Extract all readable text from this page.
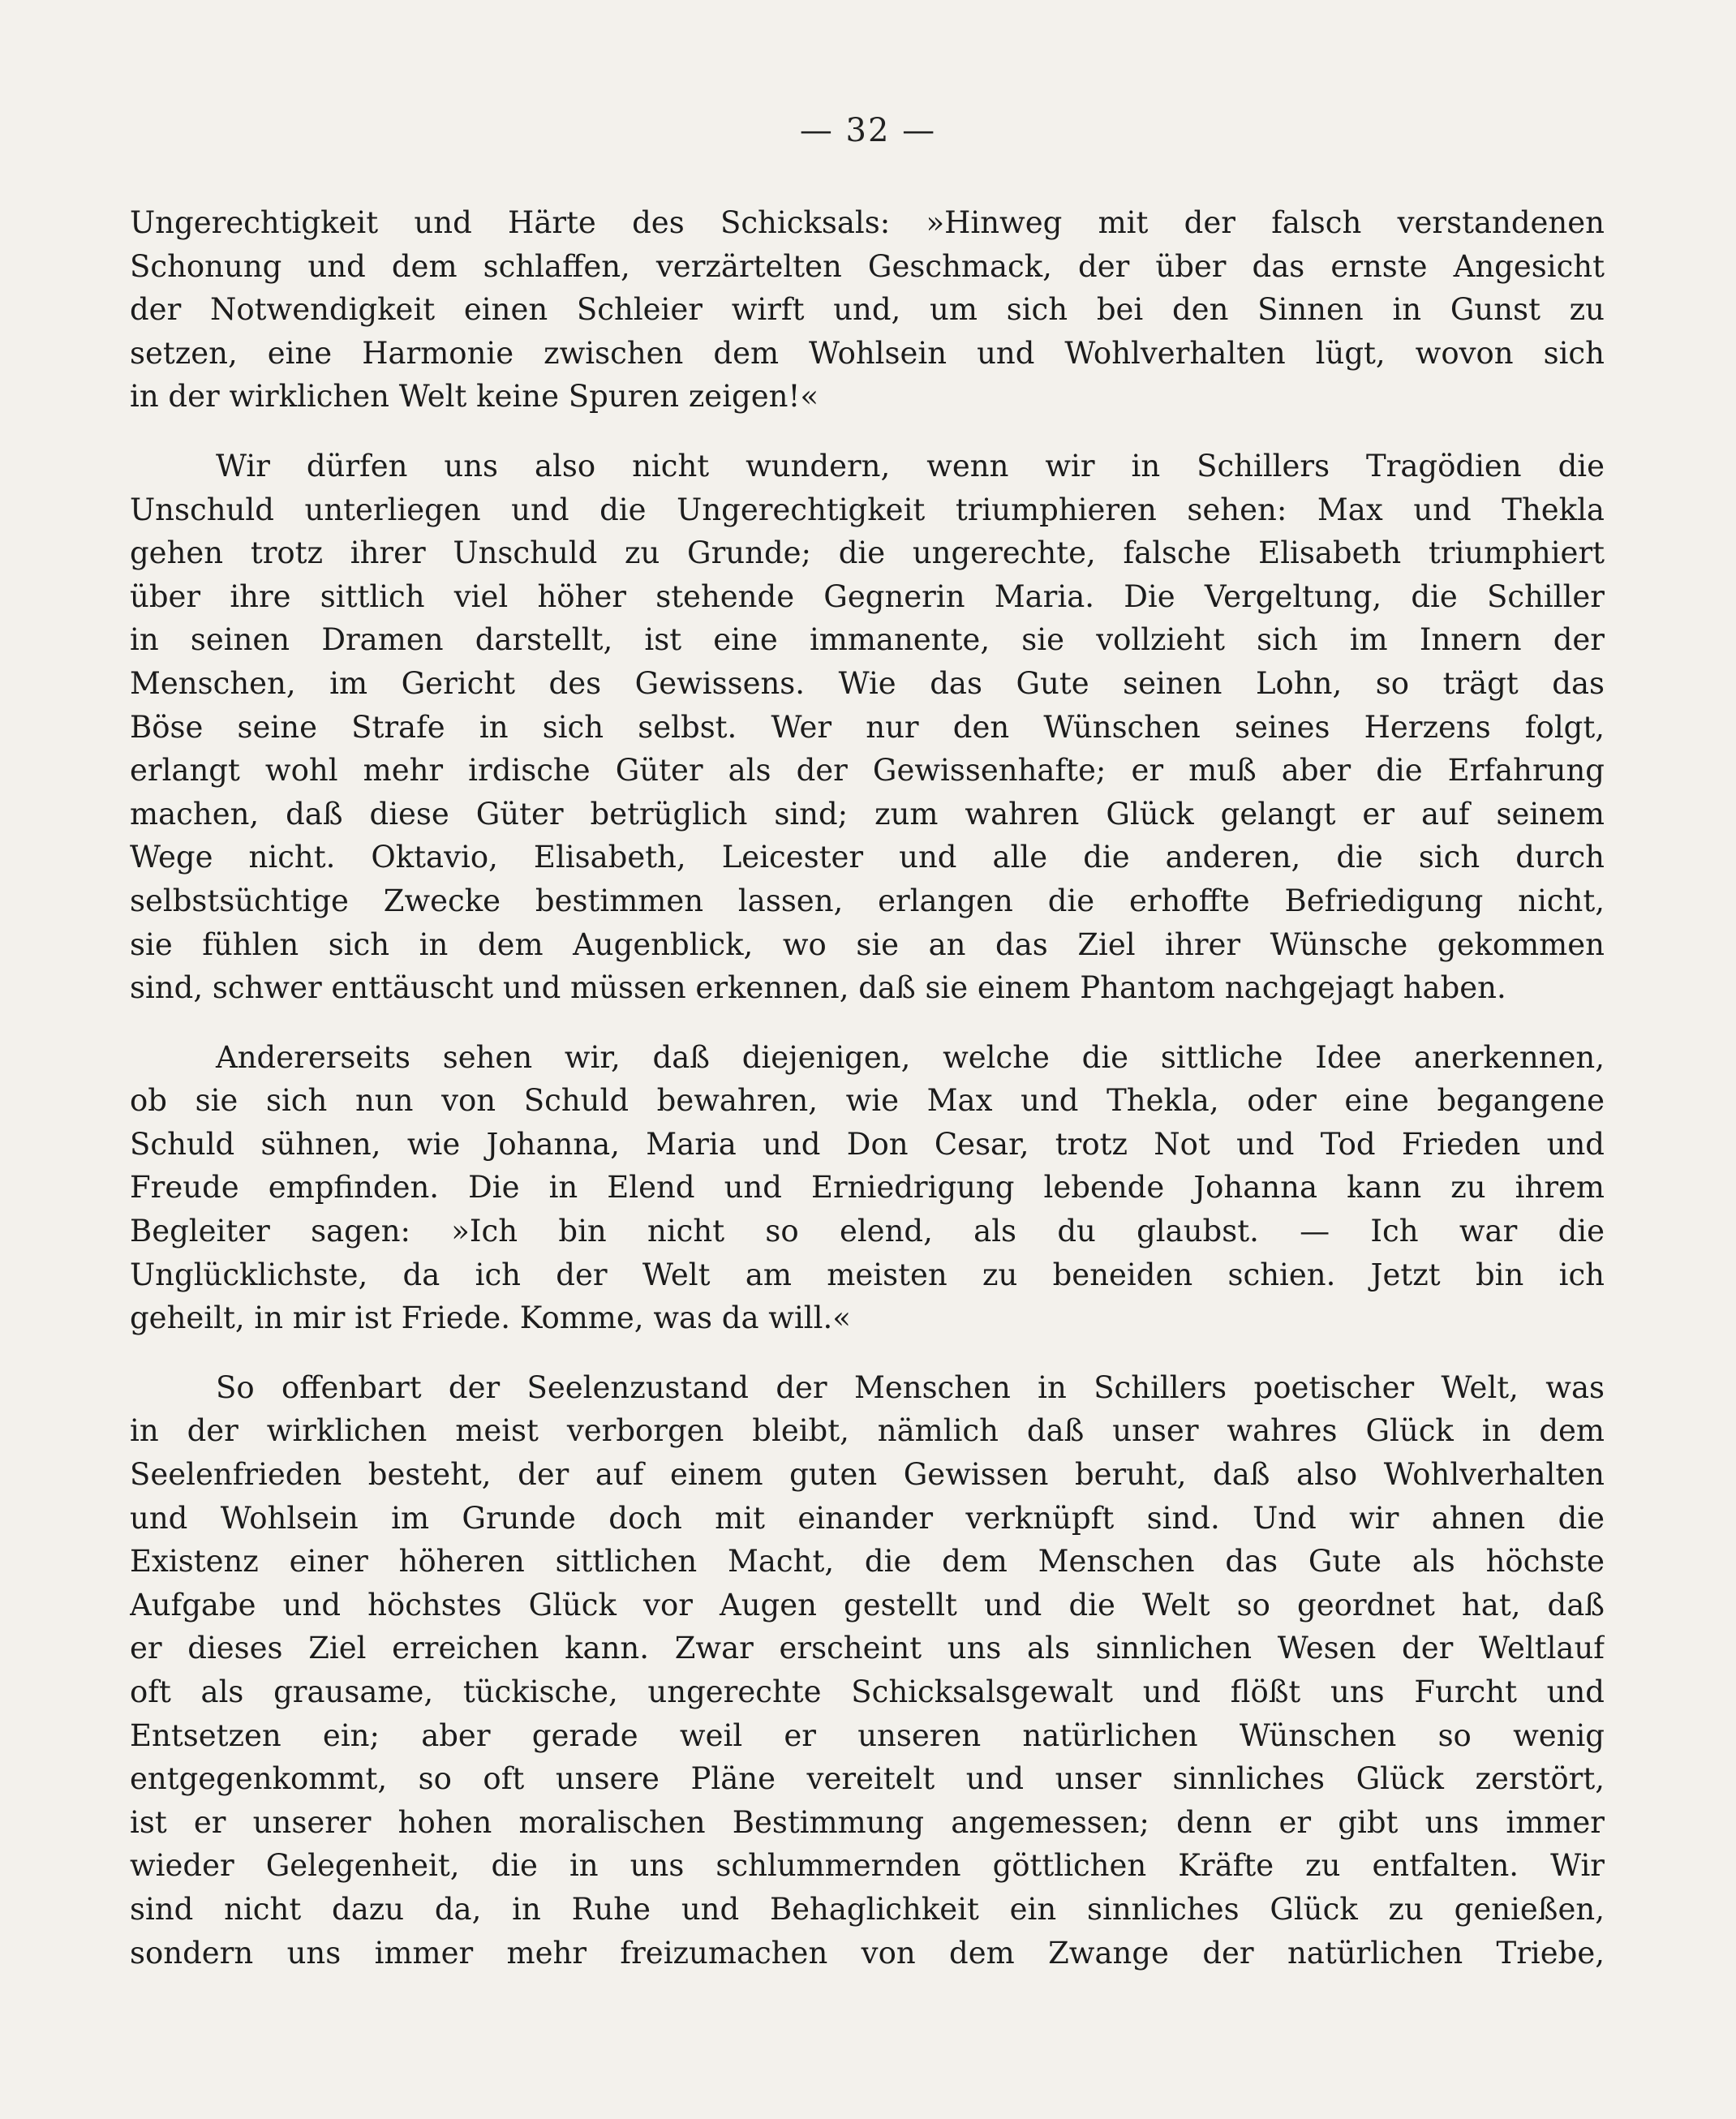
— 32 —
Ungerechtigkeit und Härte des Schicksals: »Hinweg mit der falsch verstandenen
Schonung und dem schlaffen, verzärtelten Geschmack, der über das ernste Angesicht
der Notwendigkeit einen Schleier wirft und, um sich bei den Sinnen in Gunst zu
setzen, eine Harmonie zwischen dem Wohlsein und Wohlverhalten lügt, wovon sich
in der wirklichen Welt keine Spuren zeigen!«
Wir dürfen uns also nicht wundern, wenn wir in Schillers Tragödien die
Unschuld unterliegen und die Ungerechtigkeit triumphieren sehen: Max und Thekla
gehen trotz ihrer Unschuld zu Grunde; die ungerechte, falsche Elisabeth triumphiert
über ihre sittlich viel höher stehende Gegnerin Maria. Die Vergeltung, die Schiller
in seinen Dramen darstellt, ist eine immanente, sie vollzieht sich im Innern der
Menschen, im Gericht des Gewissens. Wie das Gute seinen Lohn, so trägt das
Böse seine Strafe in sich selbst. Wer nur den Wünschen seines Herzens folgt,
erlangt wohl mehr irdische Güter als der Gewissenhafte; er muß aber die Erfahrung
machen, daß diese Güter betrüglich sind; zum wahren Glück gelangt er auf seinem
Wege nicht. Oktavio, Elisabeth, Leicester und alle die anderen, die sich durch
selbstsüchtige Zwecke bestimmen lassen, erlangen die erhoffte Befriedigung nicht,
sie fühlen sich in dem Augenblick, wo sie an das Ziel ihrer Wünsche gekommen
sind, schwer enttäuscht und müssen erkennen, daß sie einem Phantom nachgejagt haben.
Andererseits sehen wir, daß diejenigen, welche die sittliche Idee anerkennen,
ob sie sich nun von Schuld bewahren, wie Max und Thekla, oder eine begangene
Schuld sühnen, wie Johanna, Maria und Don Cesar, trotz Not und Tod Frieden und
Freude empfinden. Die in Elend und Erniedrigung lebende Johanna kann zu ihrem
Begleiter sagen: »Ich bin nicht so elend, als du glaubst. — Ich war die
Unglücklichste, da ich der Welt am meisten zu beneiden schien. Jetzt bin ich
geheilt, in mir ist Friede. Komme, was da will.«
So offenbart der Seelenzustand der Menschen in Schillers poetischer Welt, was
in der wirklichen meist verborgen bleibt, nämlich daß unser wahres Glück in dem
Seelenfrieden besteht, der auf einem guten Gewissen beruht, daß also Wohlverhalten
und Wohlsein im Grunde doch mit einander verknüpft sind. Und wir ahnen die
Existenz einer höheren sittlichen Macht, die dem Menschen das Gute als höchste
Aufgabe und höchstes Glück vor Augen gestellt und die Welt so geordnet hat, daß
er dieses Ziel erreichen kann. Zwar erscheint uns als sinnlichen Wesen der Weltlauf
oft als grausame, tückische, ungerechte Schicksalsgewalt und flößt uns Furcht und
Entsetzen ein; aber gerade weil er unseren natürlichen Wünschen so wenig
entgegenkommt, so oft unsere Pläne vereitelt und unser sinnliches Glück zerstört,
ist er unserer hohen moralischen Bestimmung angemessen; denn er gibt uns immer
wieder Gelegenheit, die in uns schlummernden göttlichen Kräfte zu entfalten. Wir
sind nicht dazu da, in Ruhe und Behaglichkeit ein sinnliches Glück zu genießen,
sondern uns immer mehr freizumachen von dem Zwange der natürlichen Triebe,
